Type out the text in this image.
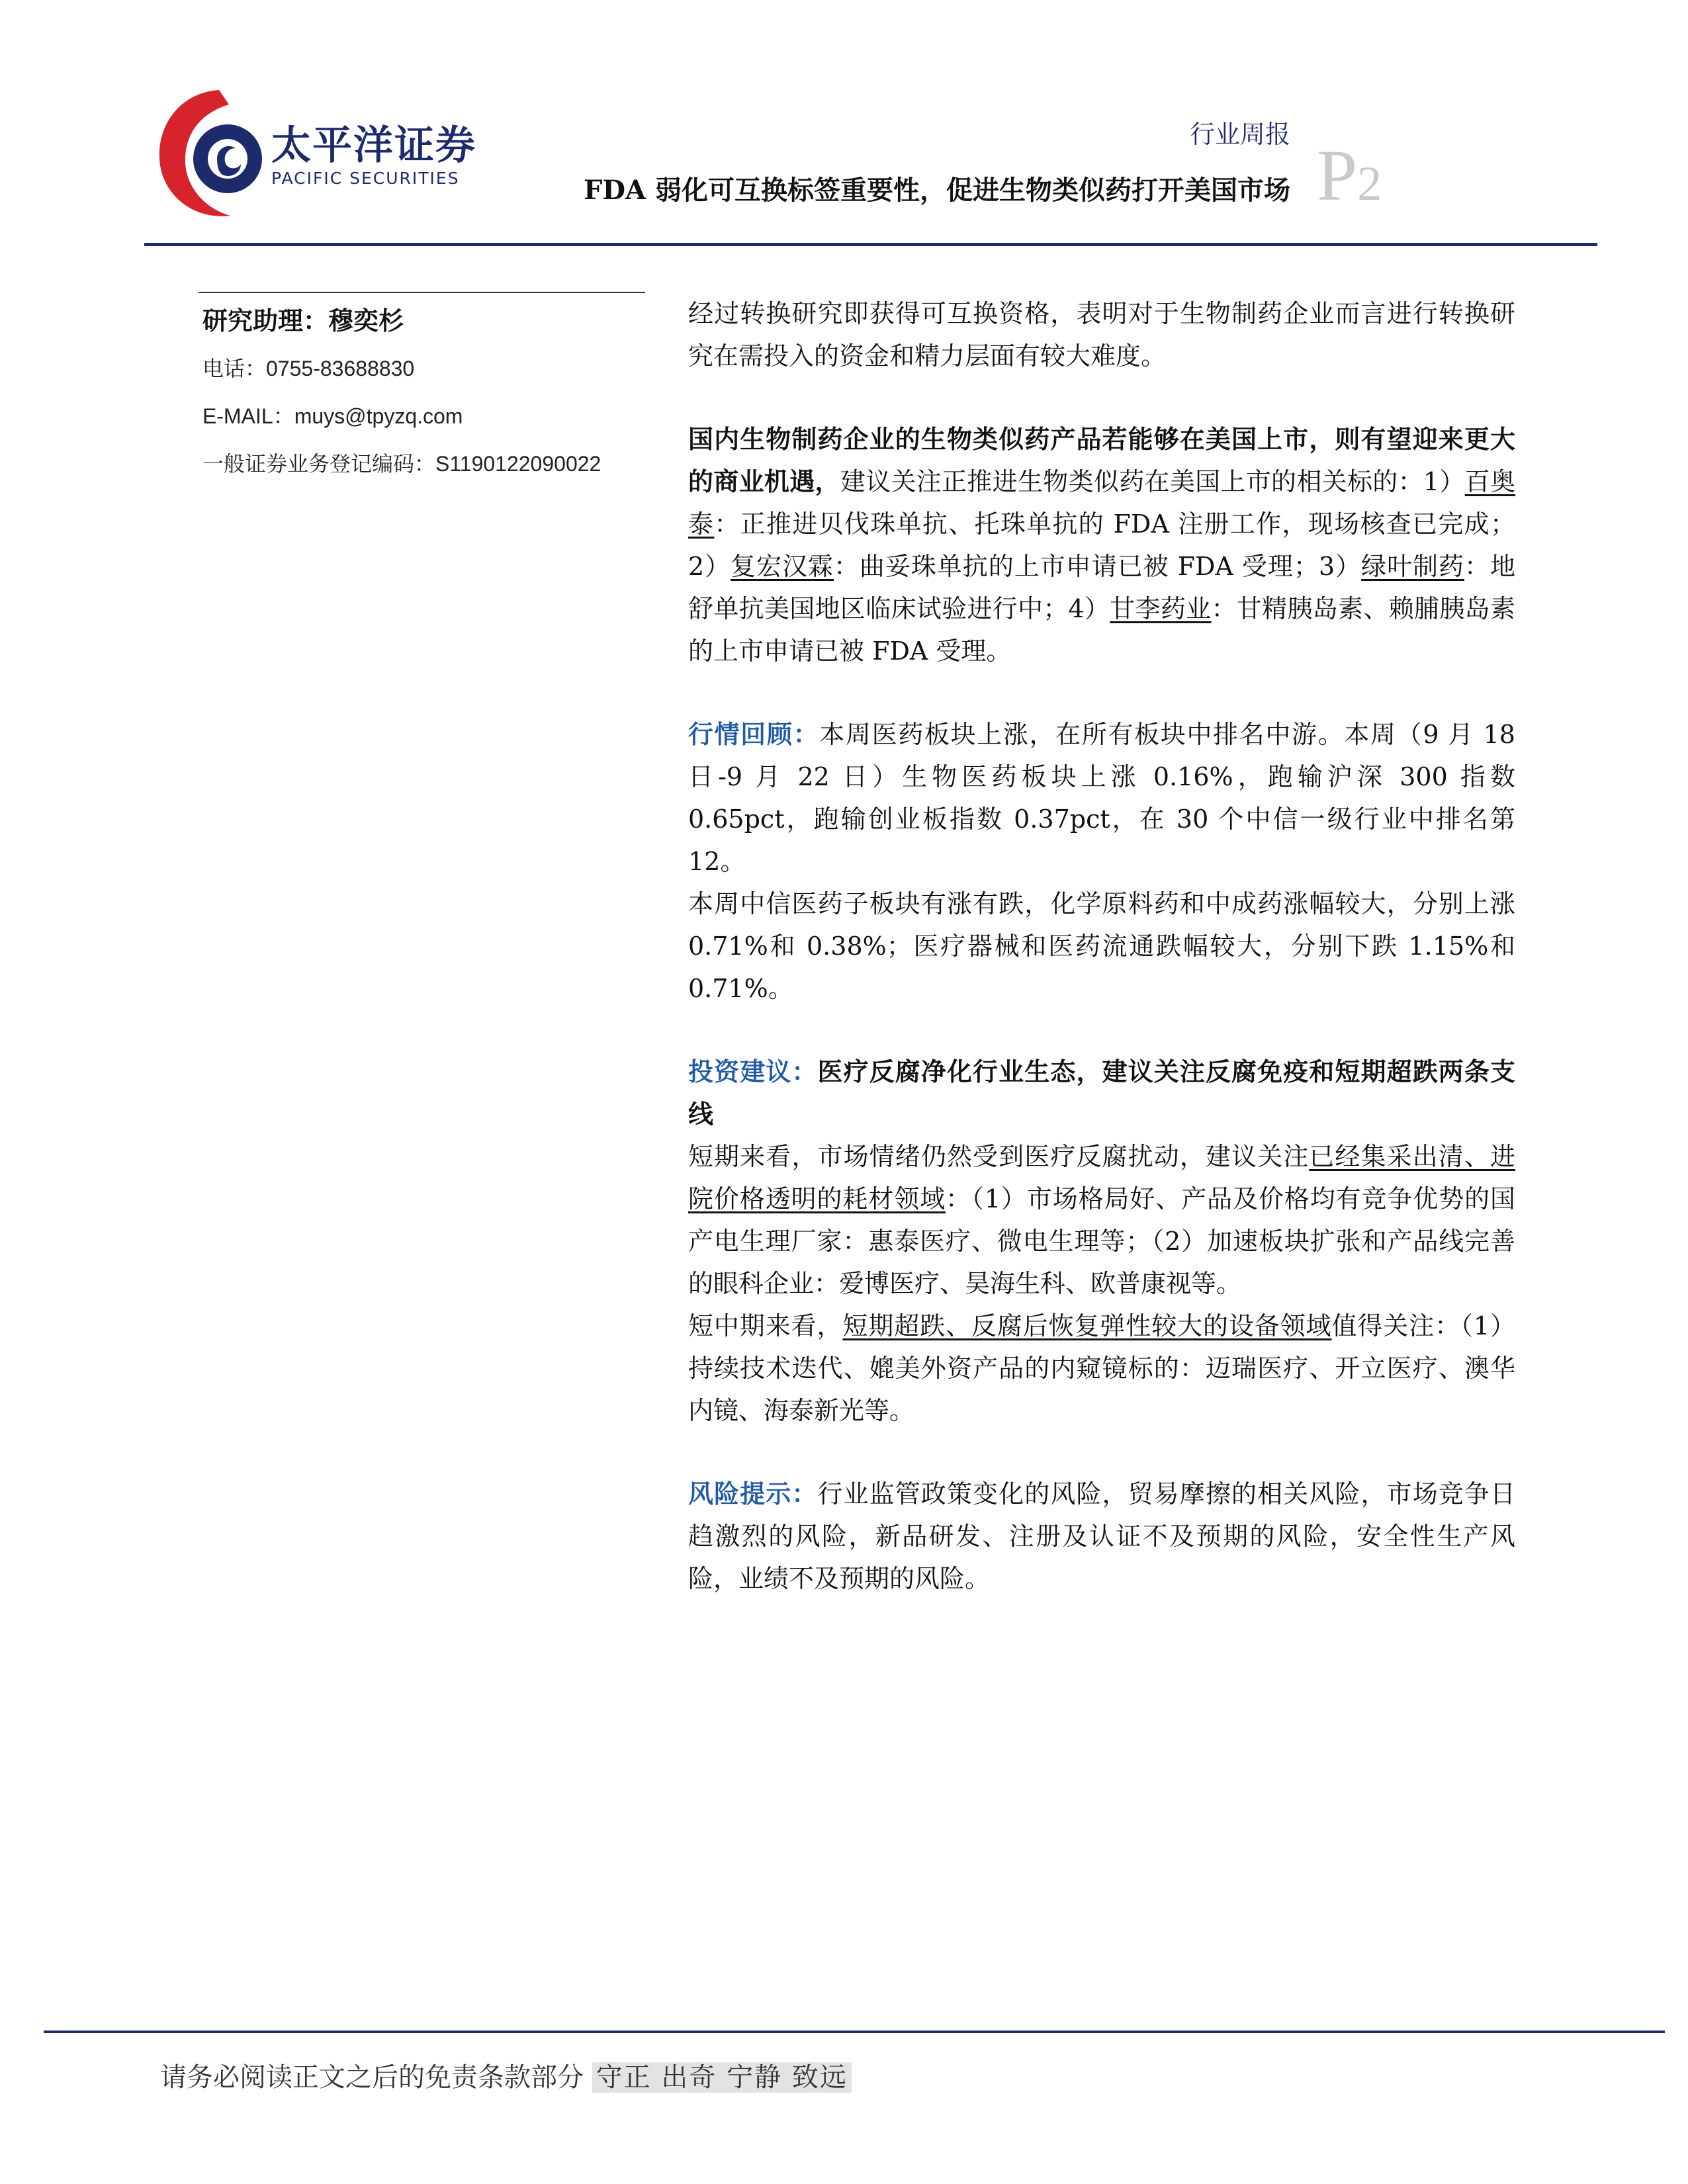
太平洋证券
PACIFIC SECURITIES
行业周报
FDA 弱化可互换标签重要性，促进生物类似药打开美国市场 P2
研究助理：穆奕杉
电话：0755-83688830
E-MAIL：muys@tpyzq.com
一般证券业务登记编码：S1190122090022

经过转换研究即获得可互换资格，表明对于生物制药企业而言进行转换研究在需投入的资金和精力层面有较大难度。

国内生物制药企业的生物类似药产品若能够在美国上市，则有望迎来更大的商业机遇，建议关注正推进生物类似药在美国上市的相关标的：1）百奥泰：正推进贝伐珠单抗、托珠单抗的 FDA 注册工作，现场核查已完成；2）复宏汉霖：曲妥珠单抗的上市申请已被 FDA 受理；3）绿叶制药：地舒单抗美国地区临床试验进行中；4）甘李药业：甘精胰岛素、赖脯胰岛素的上市申请已被 FDA 受理。

行情回顾：本周医药板块上涨，在所有板块中排名中游。本周（9 月 18 日-9 月 22 日）生物医药板块上涨 0.16%，跑输沪深 300 指数 0.65pct，跑输创业板指数 0.37pct，在 30 个中信一级行业中排名第 12。

本周中信医药子板块有涨有跌，化学原料药和中成药涨幅较大，分别上涨 0.71%和 0.38%；医疗器械和医药流通跌幅较大，分别下跌 1.15%和 0.71%。

投资建议：医疗反腐净化行业生态，建议关注反腐免疫和短期超跌两条支线

短期来看，市场情绪仍然受到医疗反腐扰动，建议关注已经集采出清、进院价格透明的耗材领域：（1）市场格局好、产品及价格均有竞争优势的国产电生理厂家：惠泰医疗、微电生理等；（2）加速板块扩张和产品线完善的眼科企业：爱博医疗、昊海生科、欧普康视等。

短中期来看，短期超跌、反腐后恢复弹性较大的设备领域值得关注：（1）持续技术迭代、媲美外资产品的内窥镜标的：迈瑞医疗、开立医疗、澳华内镜、海泰新光等。

风险提示：行业监管政策变化的风险，贸易摩擦的相关风险，市场竞争日趋激烈的风险，新品研发、注册及认证不及预期的风险，安全性生产风险，业绩不及预期的风险。

请务必阅读正文之后的免责条款部分 守正 出奇 宁静 致远
